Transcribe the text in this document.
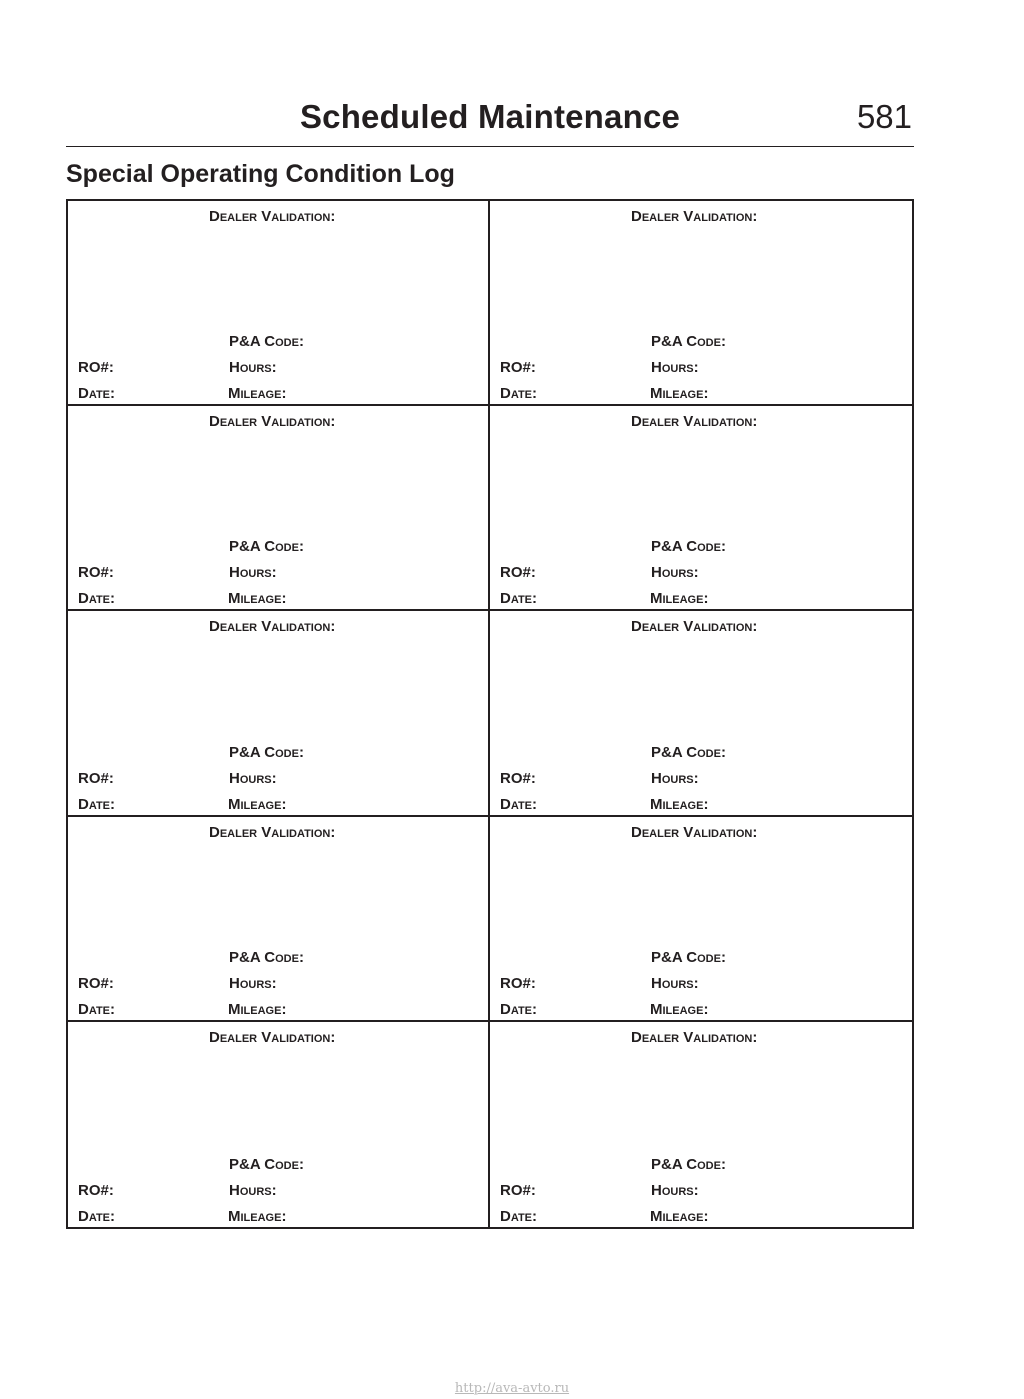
Scheduled Maintenance	581
Special Operating Condition Log
Dealer Validation:
P&A Code:
RO#:	Hours:
Date:	Mileage:
Dealer Validation:
P&A Code:
RO#:	Hours:
Date:	Mileage:
Dealer Validation:
P&A Code:
RO#:	Hours:
Date:	Mileage:
Dealer Validation:
P&A Code:
RO#:	Hours:
Date:	Mileage:
Dealer Validation:
P&A Code:
RO#:	Hours:
Date:	Mileage:
Dealer Validation:
P&A Code:
RO#:	Hours:
Date:	Mileage:
Dealer Validation:
P&A Code:
RO#:	Hours:
Date:	Mileage:
Dealer Validation:
P&A Code:
RO#:	Hours:
Date:	Mileage:
Dealer Validation:
P&A Code:
RO#:	Hours:
Date:	Mileage:
Dealer Validation:
P&A Code:
RO#:	Hours:
Date:	Mileage:
http://ava-avto.ru
